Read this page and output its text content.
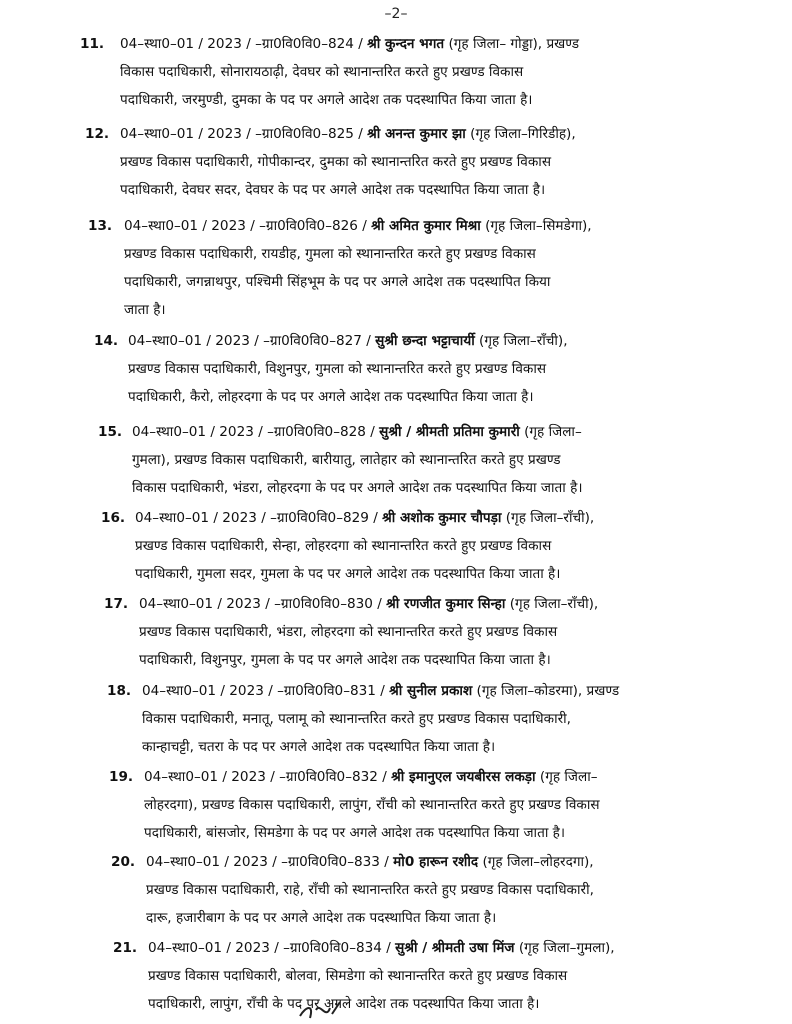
–2–
11. 04–स्था0–01 / 2023 / –ग्रा0वि0वि0–824 / श्री कुन्दन भगत (गृह जिला– गोड्डा), प्रखण्ड
विकास पदाधिकारी, सोनारायठाढ़ी, देवघर को स्थानान्तरित करते हुए प्रखण्ड विकास
पदाधिकारी, जरमुण्डी, दुमका के पद पर अगले आदेश तक पदस्थापित किया जाता है।
12. 04–स्था0–01 / 2023 / –ग्रा0वि0वि0–825 / श्री अनन्त कुमार झा (गृह जिला–गिरिडीह),
प्रखण्ड विकास पदाधिकारी, गोपीकान्दर, दुमका को स्थानान्तरित करते हुए प्रखण्ड विकास
पदाधिकारी, देवघर सदर, देवघर के पद पर अगले आदेश तक पदस्थापित किया जाता है।
13. 04–स्था0–01 / 2023 / –ग्रा0वि0वि0–826 / श्री अमित कुमार मिश्रा (गृह जिला–सिमडेगा),
प्रखण्ड विकास पदाधिकारी, रायडीह, गुमला को स्थानान्तरित करते हुए प्रखण्ड विकास
पदाधिकारी, जगन्नाथपुर, पश्चिमी सिंहभूम के पद पर अगले आदेश तक पदस्थापित किया
जाता है।
14. 04–स्था0–01 / 2023 / –ग्रा0वि0वि0–827 / सुश्री छन्दा भट्टाचार्यी (गृह जिला–राँची),
प्रखण्ड विकास पदाधिकारी, विशुनपुर, गुमला को स्थानान्तरित करते हुए प्रखण्ड विकास
पदाधिकारी, कैरो, लोहरदगा के पद पर अगले आदेश तक पदस्थापित किया जाता है।
15. 04–स्था0–01 / 2023 / –ग्रा0वि0वि0–828 / सुश्री / श्रीमती प्रतिमा कुमारी (गृह जिला–
गुमला), प्रखण्ड विकास पदाधिकारी, बारीयातु, लातेहार को स्थानान्तरित करते हुए प्रखण्ड
विकास पदाधिकारी, भंडरा, लोहरदगा के पद पर अगले आदेश तक पदस्थापित किया जाता है।
16. 04–स्था0–01 / 2023 / –ग्रा0वि0वि0–829 / श्री अशोक कुमार चौपड़ा (गृह जिला–राँची),
प्रखण्ड विकास पदाधिकारी, सेन्हा, लोहरदगा को स्थानान्तरित करते हुए प्रखण्ड विकास
पदाधिकारी, गुमला सदर, गुमला के पद पर अगले आदेश तक पदस्थापित किया जाता है।
17. 04–स्था0–01 / 2023 / –ग्रा0वि0वि0–830 / श्री रणजीत कुमार सिन्हा (गृह जिला–राँची),
प्रखण्ड विकास पदाधिकारी, भंडरा, लोहरदगा को स्थानान्तरित करते हुए प्रखण्ड विकास
पदाधिकारी, विशुनपुर, गुमला के पद पर अगले आदेश तक पदस्थापित किया जाता है।
18. 04–स्था0–01 / 2023 / –ग्रा0वि0वि0–831 / श्री सुनील प्रकाश (गृह जिला–कोडरमा), प्रखण्ड
विकास पदाधिकारी, मनातू, पलामू को स्थानान्तरित करते हुए प्रखण्ड विकास पदाधिकारी,
कान्हाचट्टी, चतरा के पद पर अगले आदेश तक पदस्थापित किया जाता है।
19. 04–स्था0–01 / 2023 / –ग्रा0वि0वि0–832 / श्री इमानुएल जयबीरस लकड़ा (गृह जिला–
लोहरदगा), प्रखण्ड विकास पदाधिकारी, लापुंग, राँची को स्थानान्तरित करते हुए प्रखण्ड विकास
पदाधिकारी, बांसजोर, सिमडेगा के पद पर अगले आदेश तक पदस्थापित किया जाता है।
20. 04–स्था0–01 / 2023 / –ग्रा0वि0वि0–833 / मो0 हारून रशीद (गृह जिला–लोहरदगा),
प्रखण्ड विकास पदाधिकारी, राहे, राँची को स्थानान्तरित करते हुए प्रखण्ड विकास पदाधिकारी,
दारू, हजारीबाग के पद पर अगले आदेश तक पदस्थापित किया जाता है।
21. 04–स्था0–01 / 2023 / –ग्रा0वि0वि0–834 / सुश्री / श्रीमती उषा मिंज (गृह जिला–गुमला),
प्रखण्ड विकास पदाधिकारी, बोलवा, सिमडेगा को स्थानान्तरित करते हुए प्रखण्ड विकास
पदाधिकारी, लापुंग, राँची के पद पर अगले आदेश तक पदस्थापित किया जाता है।
